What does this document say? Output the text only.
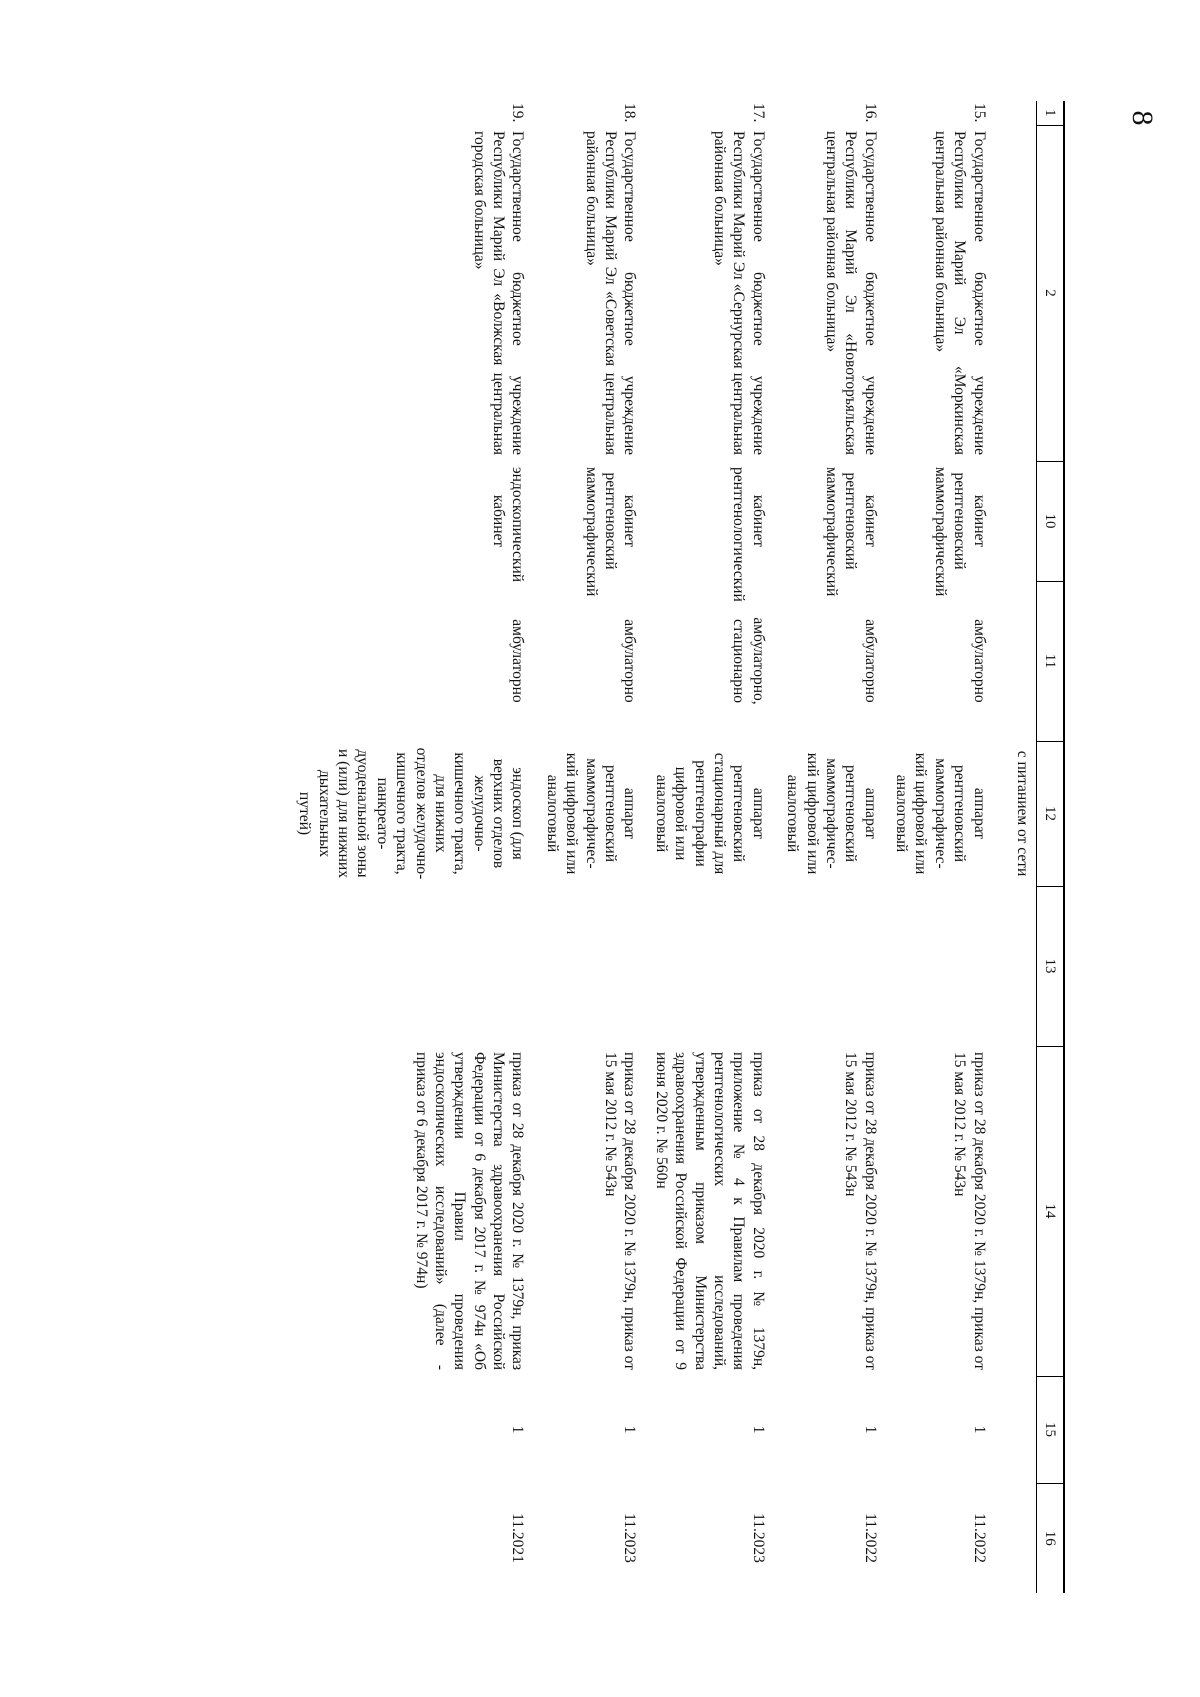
8
1	2	10	11	12	13	14	15	16
				с питанием от сети				
15.	Государственное бюджетное учреждение Республики Марий Эл «Моркинская центральная районная больница»	кабинет рентгеновский маммографический	амбулаторно	аппарат рентгеновский маммографичес-кий цифровой или аналоговый		приказ от 28 декабря 2020 г. № 1379н, приказ от 15 мая 2012 г. № 543н	1	11.2022
16.	Государственное бюджетное учреждение Республики Марий Эл «Новоторъяльская центральная районная больница»	кабинет рентгеновский маммографический	амбулаторно	аппарат рентгеновский маммографичес-кий цифровой или аналоговый		приказ от 28 декабря 2020 г. № 1379н, приказ от 15 мая 2012 г. № 543н	1	11.2022
17.	Государственное бюджетное учреждение Республики Марий Эл «Сернурская центральная районная больница»	кабинет рентгенологический	амбулаторно, стационарно	аппарат рентгеновский стационарный для рентгенографии цифровой или аналоговый		приказ от 28 декабря 2020 г. № 1379н, приложение № 4 к Правилам проведения рентгенологических исследований, утвержденным приказом Министерства здравоохранения Российской Федерации от 9 июня 2020 г. № 560н	1	11.2023
18.	Государственное бюджетное учреждение Республики Марий Эл «Советская центральная районная больница»	кабинет рентгеновский маммографический	амбулаторно	аппарат рентгеновский маммографичес-кий цифровой или аналоговый		приказ от 28 декабря 2020 г. № 1379н, приказ от 15 мая 2012 г. № 543н	1	11.2023
19.	Государственное бюджетное учреждение Республики Марий Эл «Волжская центральная городская больница»	эндоскопический кабинет	амбулаторно	эндоскоп (для верхних отделов желудочно-кишечного тракта, для нижних отделов желудочно-кишечного тракта, панкреато-дуоденальной зоны и (или) для нижних дыхательных путей)		приказ от 28 декабря 2020 г. № 1379н, приказ Министерства здравоохранения Российской Федерации от 6 декабря 2017 г. № 974н «Об утверждении Правил проведения эндоскопических исследований» (далее - приказ от 6 декабря 2017 г. № 974н)	1	11.2021
